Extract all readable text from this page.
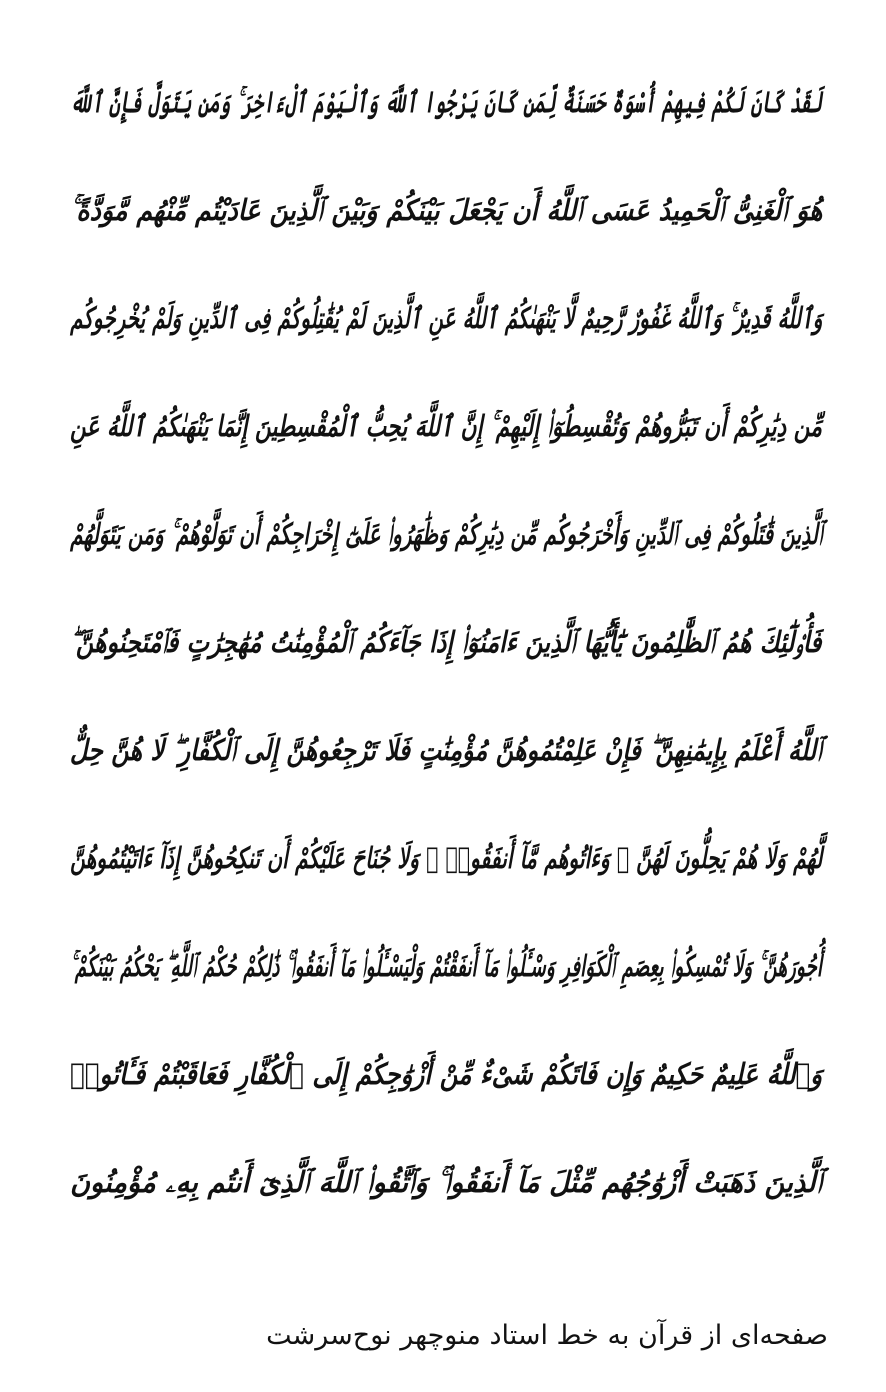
لَقَدْ كَانَ لَكُمْ فِيهِمْ أُسْوَةٌ حَسَنَةٌ لِّمَن كَانَ يَرْجُوا ٱللَّهَ وَٱلْيَوْمَ ٱلْءَاخِرَ ۚ وَمَن يَتَوَلَّ فَإِنَّ ٱللَّهَ
هُوَ ٱلْغَنِىُّ ٱلْحَمِيدُ عَسَى ٱللَّهُ أَن يَجْعَلَ بَيْنَكُمْ وَبَيْنَ ٱلَّذِينَ عَادَيْتُم مِّنْهُم مَّوَدَّةً ۚ
وَٱللَّهُ قَدِيرٌ ۚ وَٱللَّهُ غَفُورٌ رَّحِيمٌ لَّا يَنْهَىٰكُمُ ٱللَّهُ عَنِ ٱلَّذِينَ لَمْ يُقَٰتِلُوكُمْ فِى ٱلدِّينِ وَلَمْ يُخْرِجُوكُم
مِّن دِيَٰرِكُمْ أَن تَبَرُّوهُمْ وَتُقْسِطُوٓا۟ إِلَيْهِمْ ۚ إِنَّ ٱللَّهَ يُحِبُّ ٱلْمُقْسِطِينَ إِنَّمَا يَنْهَىٰكُمُ ٱللَّهُ عَنِ
ٱلَّذِينَ قَٰتَلُوكُمْ فِى ٱلدِّينِ وَأَخْرَجُوكُم مِّن دِيَٰرِكُمْ وَظَٰهَرُوا۟ عَلَىٰٓ إِخْرَاجِكُمْ أَن تَوَلَّوْهُمْ ۚ وَمَن يَتَوَلَّهُمْ
فَأُو۟لَٰٓئِكَ هُمُ ٱلظَّٰلِمُونَ يَٰٓأَيُّهَا ٱلَّذِينَ ءَامَنُوٓا۟ إِذَا جَآءَكُمُ ٱلْمُؤْمِنَٰتُ مُهَٰجِرَٰتٍ فَٱمْتَحِنُوهُنَّ ۖ
ٱللَّهُ أَعْلَمُ بِإِيمَٰنِهِنَّ ۖ فَإِنْ عَلِمْتُمُوهُنَّ مُؤْمِنَٰتٍ فَلَا تَرْجِعُوهُنَّ إِلَى ٱلْكُفَّارِ ۖ لَا هُنَّ حِلٌّ
لَّهُمْ وَلَا هُمْ يَحِلُّونَ لَهُنَّ ۖ وَءَاتُوهُم مَّآ أَنفَقُوا۟ ۚ وَلَا جُنَاحَ عَلَيْكُمْ أَن تَنكِحُوهُنَّ إِذَآ ءَاتَيْتُمُوهُنَّ
أُجُورَهُنَّ ۚ وَلَا تُمْسِكُوا۟ بِعِصَمِ ٱلْكَوَافِرِ وَسْـَٔلُوا۟ مَآ أَنفَقْتُمْ وَلْيَسْـَٔلُوا۟ مَآ أَنفَقُوا۟ ۚ ذَٰلِكُمْ حُكْمُ ٱللَّهِ ۖ يَحْكُمُ بَيْنَكُمْ ۚ
وَٱللَّهُ عَلِيمٌ حَكِيمٌ وَإِن فَاتَكُمْ شَىْءٌ مِّنْ أَزْوَٰجِكُمْ إِلَى ٱلْكُفَّارِ فَعَاقَبْتُمْ فَـَٔاتُوا۟
ٱلَّذِينَ ذَهَبَتْ أَزْوَٰجُهُم مِّثْلَ مَآ أَنفَقُوا۟ ۚ وَٱتَّقُوا۟ ٱللَّهَ ٱلَّذِىٓ أَنتُم بِهِۦ مُؤْمِنُونَ
صفحه‌ای از قرآن به خط استاد منوچهر نوح‌سرشت
